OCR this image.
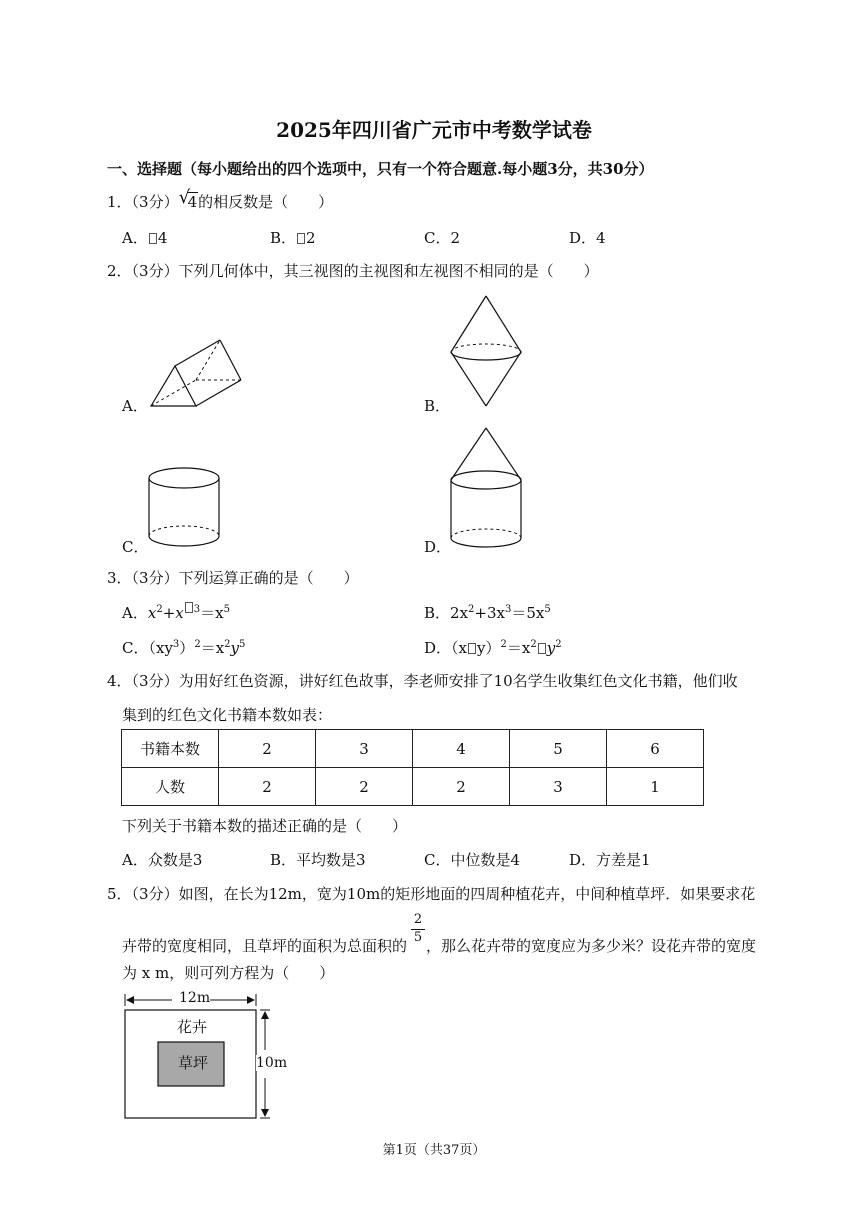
2025年四川省广元市中考数学试卷
一、选择题（每小题给出的四个选项中，只有一个符合题意.每小题3分，共30分）
1．（3分） √
4的相反数是（　　）
A． 4	B． 2	C．2	D．4
2．（3分）下列几何体中，其三视图的主视图和左视图不相同的是（　　）
A．	B．
C．	D．
3．（3分）下列运算正确的是（　　）
A．$x^2+x$ $^3=x^5$	B．$2x^2+3x^3=5x^5$
C．$(xy^3)^2=x^2y^5$	D．（x $y)^2=x^2$ $y^2$
4．（3分）为用好红色资源，讲好红色故事，李老师安排了10名学生收集红色文化书籍，他们收
集到的红色文化书籍本数如表：
书籍本数	2	3	4	5	6
人数	2	2	2	3	1
下列关于书籍本数的描述正确的是（　　）
A．众数是3	B．平均数是3	C．中位数是4	D．方差是1
5．（3分）如图，在长为12m，宽为10m的矩形地面的四周种植花卉，中间种植草坪．如果要求花
卉带的宽度相同，且草坪的面积为总面积的
2
5 ，那么花卉带的宽度应为多少米？设花卉带的宽度
为 x m，则可列方程为（　　）
12m
10m
花卉
草坪
第1页（共37页）
